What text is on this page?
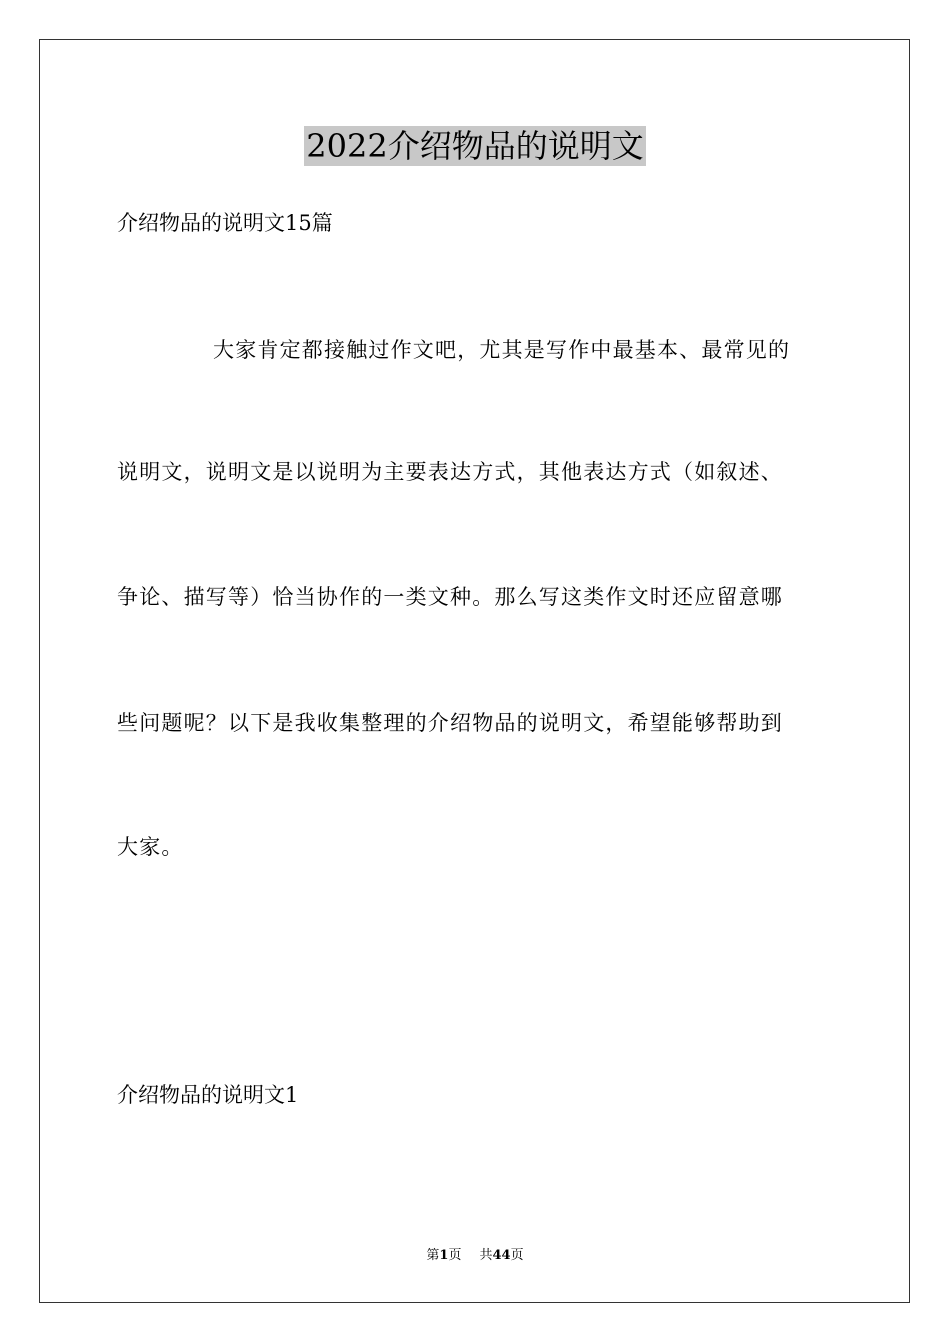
2022介绍物品的说明文
介绍物品的说明文15篇
大家肯定都接触过作文吧，尤其是写作中最基本、最常见的
说明文，说明文是以说明为主要表达方式，其他表达方式（如叙述、
争论、描写等）恰当协作的一类文种。那么写这类作文时还应留意哪
些问题呢？以下是我收集整理的介绍物品的说明文，希望能够帮助到
大家。
介绍物品的说明文1
第1页 共44页
